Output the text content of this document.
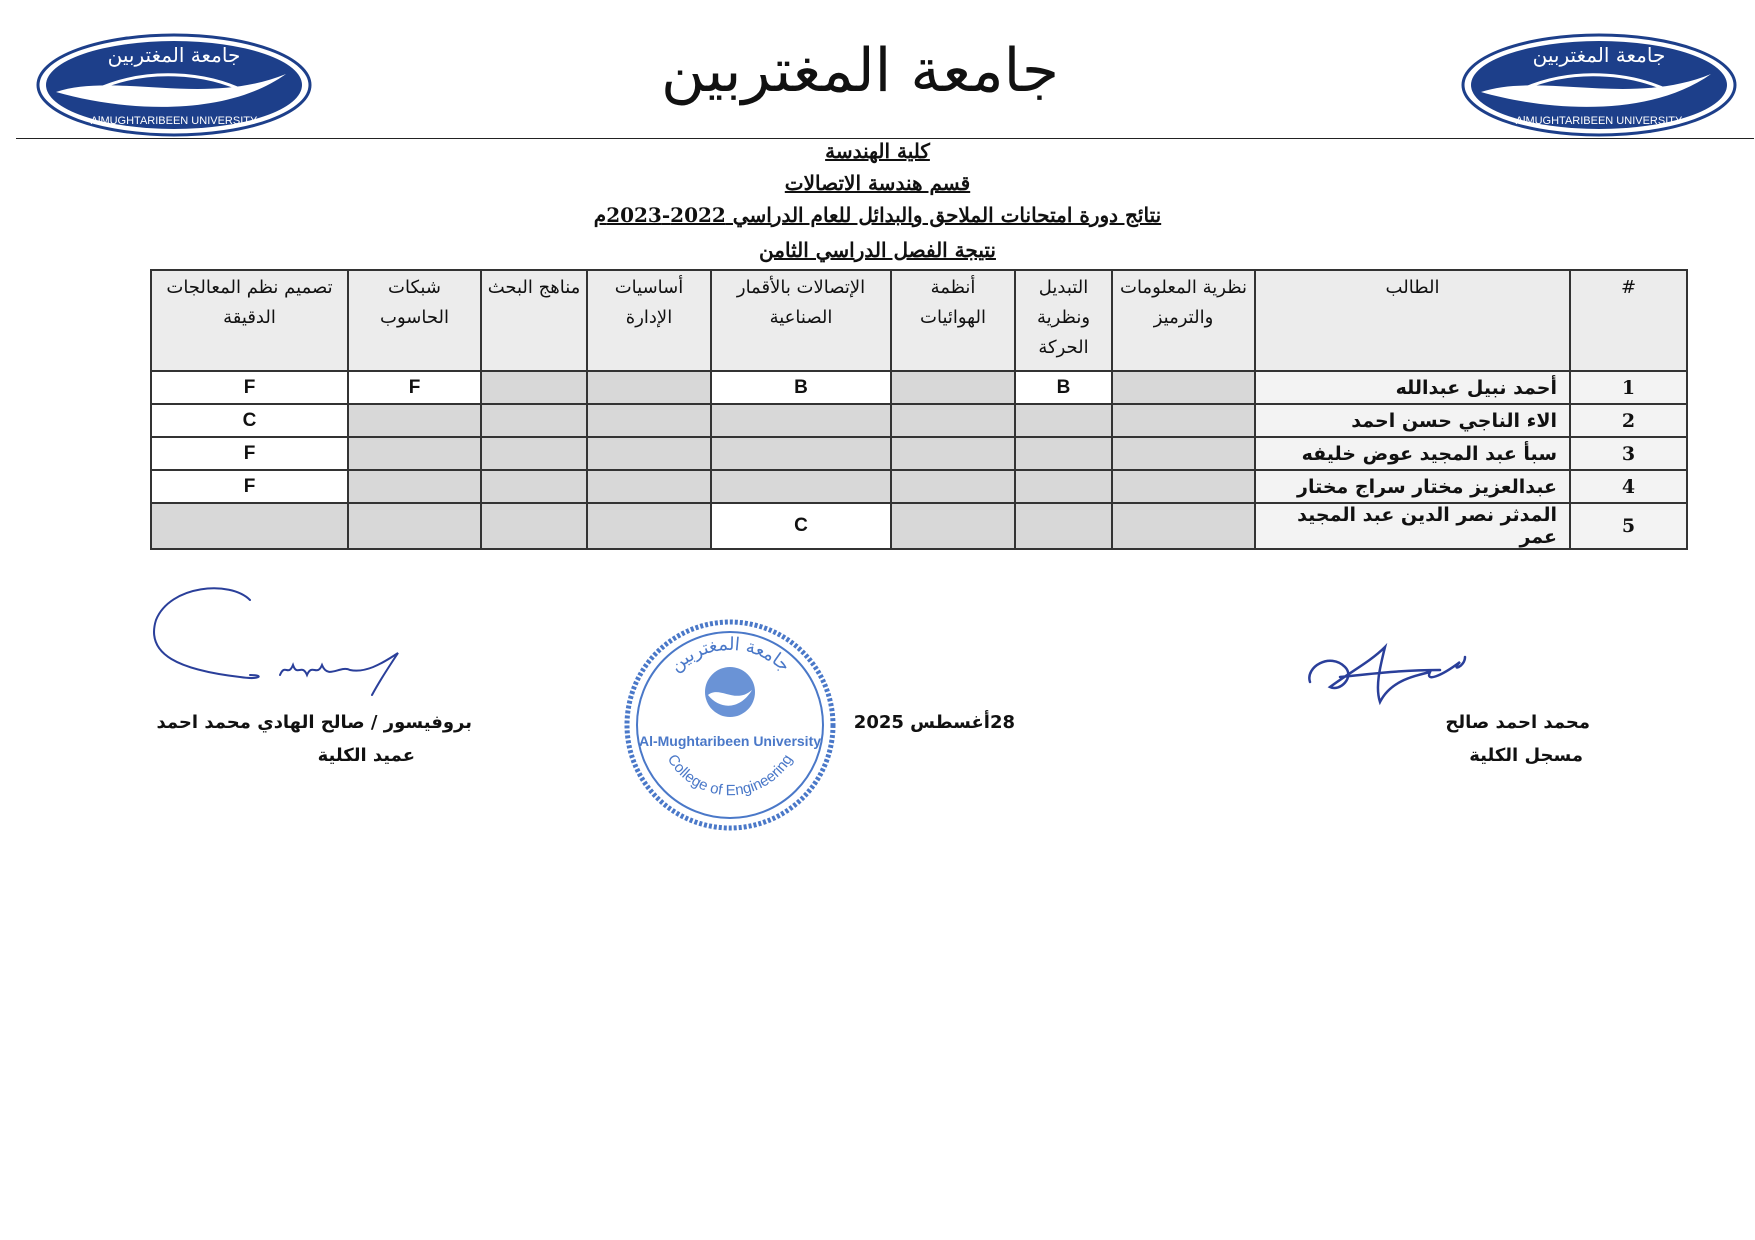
جامعة المغتربين
AlMUGHTARIBEEN UNIVERSITY
جامعة المغتربين	جامعة المغتربين
AlMUGHTARIBEEN UNIVERSITY
كلية الهندسة
قسم هندسة الاتصالات
نتائج دورة امتحانات الملاحق والبدائل للعام الدراسي 2022-2023م
نتيجة الفصل الدراسي الثامن
#	الطالب	نظرية المعلومات والترميز	التبديل ونظرية الحركة	أنظمة الهوائيات	الإتصالات بالأقمار الصناعية	أساسيات الإدارة	مناهج البحث	شبكات الحاسوب	تصميم نظم المعالجات الدقيقة
1	أحمد نبيل عبدالله		B		B			F	F
2	الاء الناجي حسن احمد								C
3	سبأ عبد المجيد عوض خليفه								F
4	عبدالعزيز مختار سراج مختار								F
5	المدثر نصر الدين عبد المجيد عمر				C				
محمد احمد صالح
مسجل الكلية
جامعة المغتربين
Al-Mughtaribeen University
College of Engineering
28أغسطس 2025
بروفيسور / صالح الهادي محمد احمد
عميد الكلية
